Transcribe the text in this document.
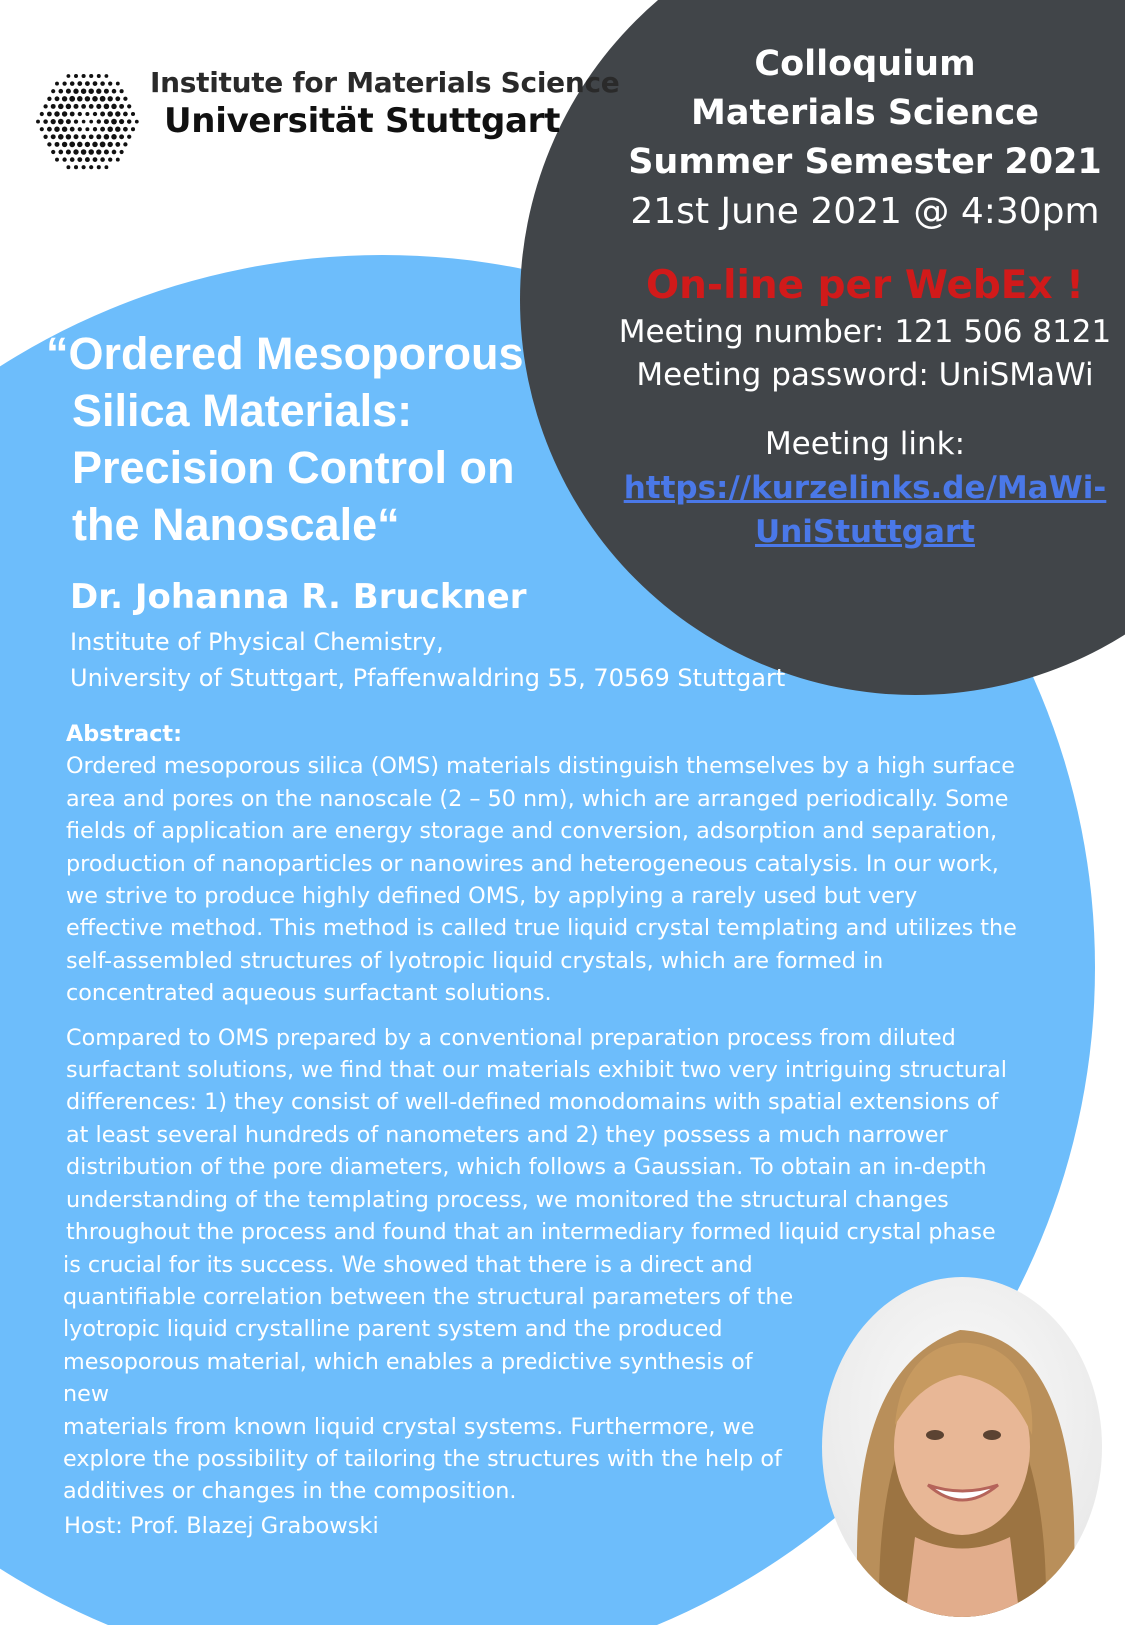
Institute for Materials Science
Universität Stuttgart
Colloquium
Materials Science
Summer Semester 2021
21st June 2021 @ 4:30pm
On-line per WebEx !
Meeting number: 121 506 8121
Meeting password: UniSMaWi
Meeting link:
https://kurzelinks.de/MaWi-
UniStuttgart
“Ordered Mesoporous
Silica Materials:
Precision Control on
the Nanoscale“
Dr. Johanna R. Bruckner
Institute of Physical Chemistry,
University of Stuttgart, Pfaffenwaldring 55, 70569 Stuttgart
Abstract:

Ordered mesoporous silica (OMS) materials distinguish themselves by a high surface
area and pores on the nanoscale (2 – 50 nm), which are arranged periodically. Some
fields of application are energy storage and conversion, adsorption and separation,
production of nanoparticles or nanowires and heterogeneous catalysis. In our work,
we strive to produce highly defined OMS, by applying a rarely used but very
effective method. This method is called true liquid crystal templating and utilizes the
self-assembled structures of lyotropic liquid crystals, which are formed in
concentrated aqueous surfactant solutions.

Compared to OMS prepared by a conventional preparation process from diluted
surfactant solutions, we find that our materials exhibit two very intriguing structural
differences: 1) they consist of well-defined monodomains with spatial extensions of
at least several hundreds of nanometers and 2) they possess a much narrower
distribution of the pore diameters, which follows a Gaussian. To obtain an in-depth
understanding of the templating process, we monitored the structural changes
throughout the process and found that an intermediary formed liquid crystal phase

is crucial for its success. We showed that there is a direct and
quantifiable correlation between the structural parameters of the
lyotropic liquid crystalline parent system and the produced
mesoporous material, which enables a predictive synthesis of new
materials from known liquid crystal systems. Furthermore, we
explore the possibility of tailoring the structures with the help of
additives or changes in the composition.

Host: Prof. Blazej Grabowski
